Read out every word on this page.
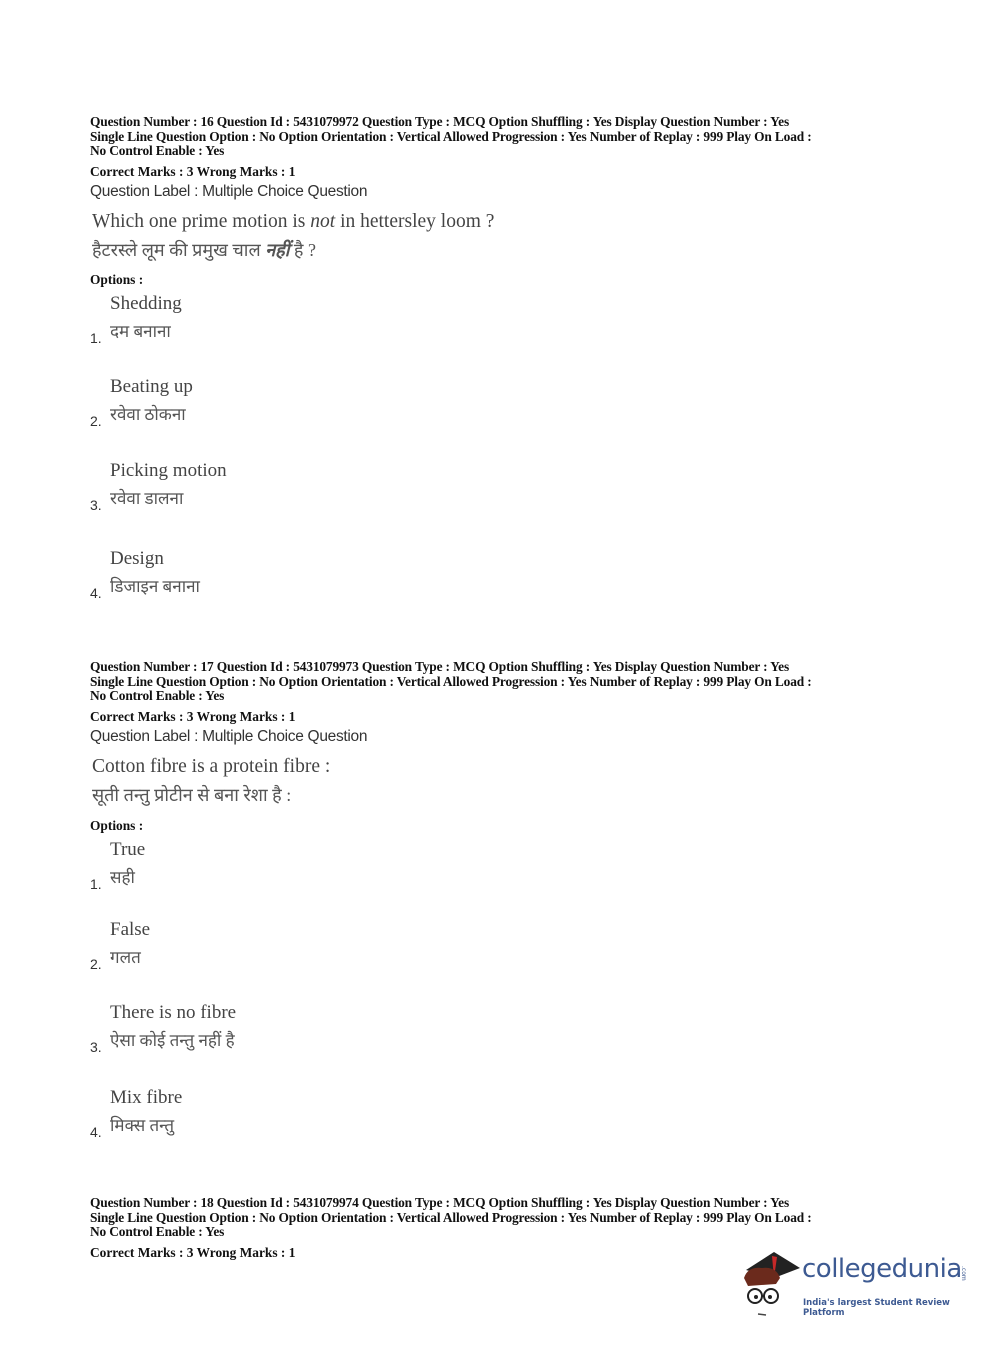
Question Number : 16 Question Id : 5431079972 Question Type : MCQ Option Shuffling : Yes Display Question Number : Yes
Single Line Question Option : No Option Orientation : Vertical Allowed Progression : Yes Number of Replay : 999 Play On Load :
No Control Enable : Yes
Correct Marks : 3 Wrong Marks : 1
Question Label : Multiple Choice Question
Which one prime motion is not in hettersley loom ?
हैटरस्ले लूम की प्रमुख चाल नहीं है ?
Options :
Shedding
दम बनाना
1.
Beating up
रवेवा ठोकना
2.
Picking motion
रवेवा डालना
3.
Design
डिजाइन बनाना
4.
Question Number : 17 Question Id : 5431079973 Question Type : MCQ Option Shuffling : Yes Display Question Number : Yes
Single Line Question Option : No Option Orientation : Vertical Allowed Progression : Yes Number of Replay : 999 Play On Load :
No Control Enable : Yes
Correct Marks : 3 Wrong Marks : 1
Question Label : Multiple Choice Question
Cotton fibre is a protein fibre :
सूती तन्तु प्रोटीन से बना रेशा है :
Options :
True
सही
1.
False
गलत
2.
There is no fibre
ऐसा कोई तन्तु नहीं है
3.
Mix fibre
मिक्स तन्तु
4.
Question Number : 18 Question Id : 5431079974 Question Type : MCQ Option Shuffling : Yes Display Question Number : Yes
Single Line Question Option : No Option Orientation : Vertical Allowed Progression : Yes Number of Replay : 999 Play On Load :
No Control Enable : Yes
Correct Marks : 3 Wrong Marks : 1
collegedunia
.com
India's largest Student Review Platform
